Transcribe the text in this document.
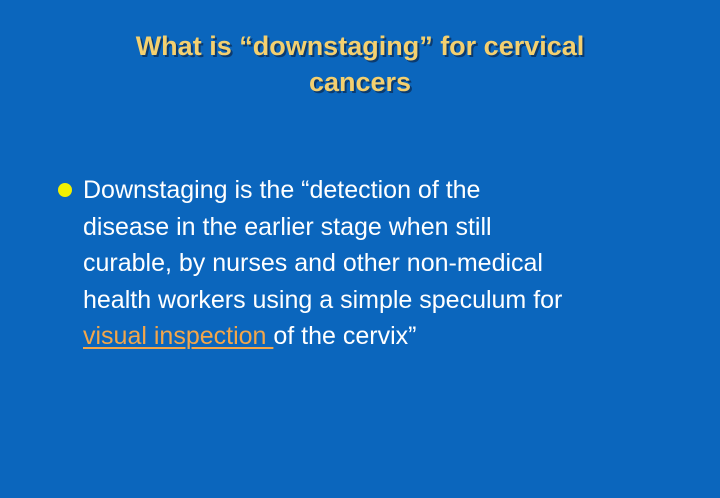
What is “downstaging” for cervical
cancers

Downstaging is the “detection of the
disease in the earlier stage when still
curable, by nurses and other non-medical
health workers using a simple speculum for
visual inspection of the cervix”
